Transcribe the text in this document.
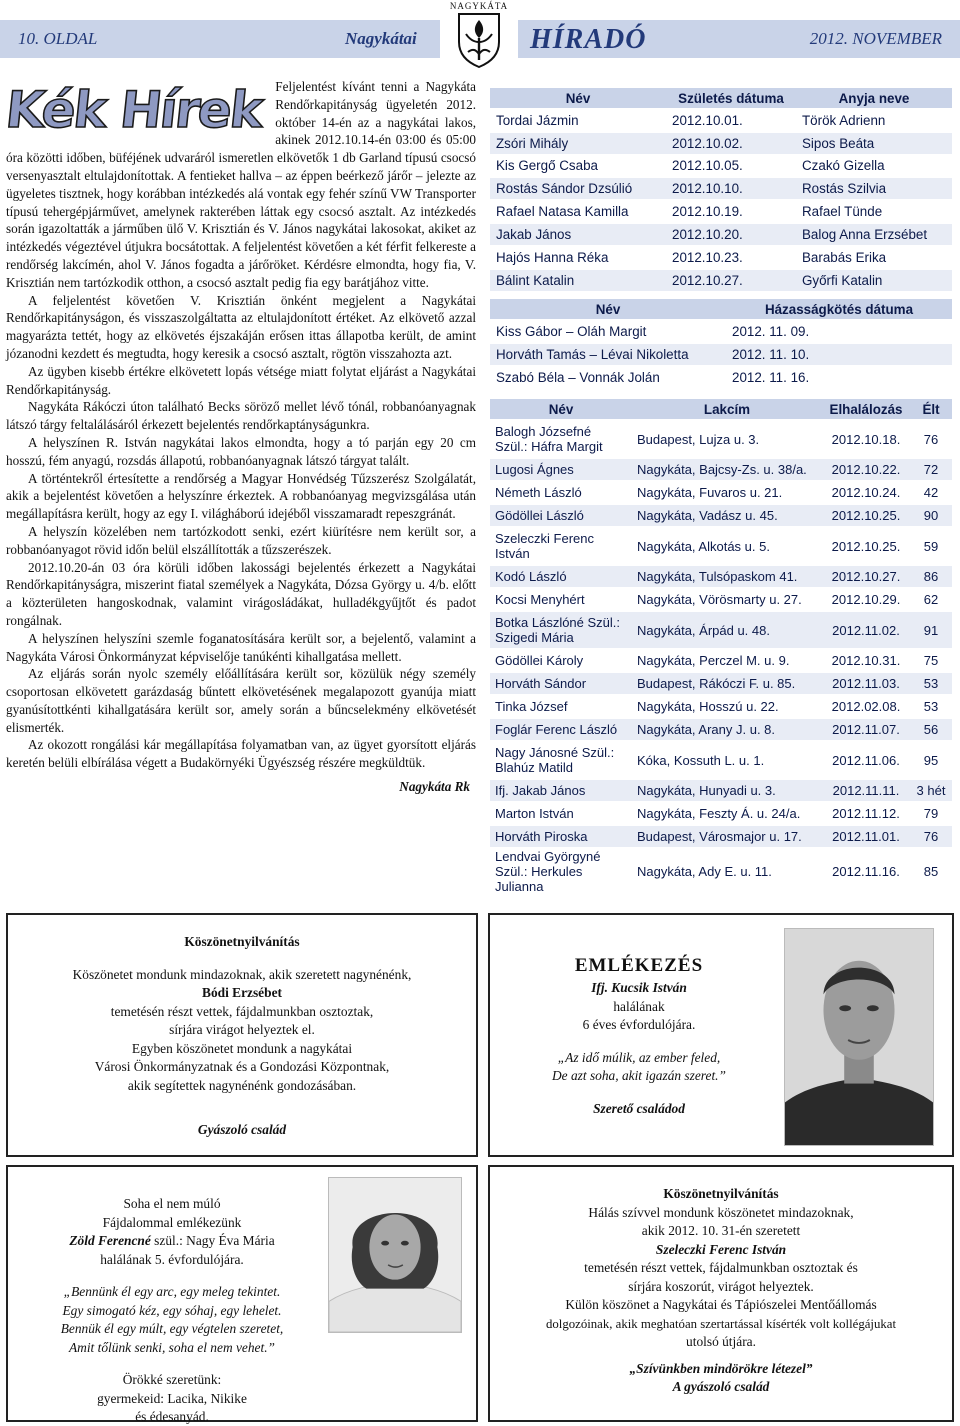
10. OLDAL	Nagykátai
NAGYKÁTA
HÍRADÓ	2012. NOVEMBER
Kék Hírek Feljelentést kívánt tenni a Nagykáta Rendőrkapitányság ügyeletén 2012. október 14-én az a nagykátai lakos, akinek 2012.10.14-én 03:00 és 05:00 óra közötti időben, büféjének udvaráról ismeretlen elkövetők 1 db Garland típusú csocsó versenyasztalt eltulajdonítottak. A fentieket hallva – az éppen beérkező járőr – jelezte az ügyeletes tisztnek, hogy korábban intézkedés alá vontak egy fehér színű VW Transporter típusú tehergépjárművet, amelynek rakterében láttak egy csocsó asztalt. Az intézkedés során igazoltatták a járműben ülő V. Krisztián és V. János nagykátai lakosokat, akiket az intézkedés végeztével útjukra bocsátottak. A feljelentést követően a két férfit felkereste a rendőrség lakcímén, ahol V. János fogadta a járőröket. Kérdésre elmondta, hogy fia, V. Krisztián nem tartózkodik otthon, a csocsó asztalt pedig fia egy barátjához vitte.

A feljelentést követően V. Krisztián önként megjelent a Nagykátai Rendőrkapitányságon, és visszaszolgáltatta az eltulajdonított értéket. Az elkövető azzal magyarázta tettét, hogy az elkövetés éjszakáján erősen ittas állapotba került, de amint józanodni kezdett és megtudta, hogy keresik a csocsó asztalt, rögtön visszahozta azt.

Az ügyben kisebb értékre elkövetett lopás vétsége miatt folytat eljárást a Nagykátai Rendőrkapitányság.

Nagykáta Rákóczi úton található Becks söröző mellet lévő tónál, robbanóanyagnak látszó tárgy feltalálásáról érkezett bejelentés rendőrkaptányságunkra.

A helyszínen R. István nagykátai lakos elmondta, hogy a tó parján egy 20 cm hosszú, fém anyagú, rozsdás állapotú, robbanóanyagnak látszó tárgyat talált.

A történtekről értesítette a rendőrség a Magyar Honvédség Tűzszerész Szolgálatát, akik a bejelentést követően a helyszínre érkeztek. A robbanóanyag megvizsgálása után megállapításra került, hogy az egy I. világháború idejéből visszamaradt repeszgránát.

A helyszín közelében nem tartózkodott senki, ezért kiürítésre nem került sor, a robbanóanyagot rövid időn belül elszállították a tűzszerészek.

2012.10.20-án 03 óra körüli időben lakossági bejelentés érkezett a Nagykátai Rendőrkapitányságra, miszerint fiatal személyek a Nagykáta, Dózsa György u. 4/b. előtt a közterületen hangoskodnak, valamint virágosládákat, hulladékgyűjtőt és padot rongálnak.

A helyszínen helyszíni szemle foganatosítására került sor, a bejelentő, valamint a Nagykáta Városi Önkormányzat képviselője tanúkénti kihallgatása mellett.

Az eljárás során nyolc személy előállítására került sor, közülük négy személy csoportosan elkövetett garázdaság bűntett elkövetésének megalapozott gyanúja miatt gyanúsítottkénti kihallgatására került sor, amely során a bűncselekmény elkövetését elismerték.

Az okozott rongálási kár megállapítása folyamatban van, az ügyet gyorsított eljárás keretén belüli elbírálása végett a Budakörnyéki Ügyészség részére megküldtük.

Nagykáta Rk
Név	Születés dátuma	Anyja neve
Tordai Jázmin	2012.10.01.	Török Adrienn
Zsóri Mihály	2012.10.02.	Sipos Beáta
Kis Gergő Csaba	2012.10.05.	Czakó Gizella
Rostás Sándor Dzsúlió	2012.10.10.	Rostás Szilvia
Rafael Natasa Kamilla	2012.10.19.	Rafael Tünde
Jakab János	2012.10.20.	Balog Anna Erzsébet
Hajós Hanna Réka	2012.10.23.	Barabás Erika
Bálint Katalin	2012.10.27.	Győrfi Katalin
Név	Házasságkötés dátuma
Kiss Gábor – Oláh Margit	2012. 11. 09.
Horváth Tamás – Lévai Nikoletta	2012. 11. 10.
Szabó Béla – Vonnák Jolán	2012. 11. 16.
Név	Lakcím	Elhalálozás	Élt
Balogh Józsefné Szül.: Háfra Margit	Budapest, Lujza u. 3.	2012.10.18.	76
Lugosi Ágnes	Nagykáta, Bajcsy-Zs. u. 38/a.	2012.10.22.	72
Németh László	Nagykáta, Fuvaros u. 21.	2012.10.24.	42
Gödöllei László	Nagykáta, Vadász u. 45.	2012.10.25.	90
Szeleczki Ferenc István	Nagykáta, Alkotás u. 5.	2012.10.25.	59
Kodó László	Nagykáta, Tulsópaskom 41.	2012.10.27.	86
Kocsi Menyhért	Nagykáta, Vörösmarty u. 27.	2012.10.29.	62
Botka Lászlóné Szül.: Szigedi Mária	Nagykáta, Árpád u. 48.	2012.11.02.	91
Gödöllei Károly	Nagykáta, Perczel M. u. 9.	2012.10.31.	75
Horváth Sándor	Budapest, Rákóczi F. u. 85.	2012.11.03.	53
Tinka József	Nagykáta, Hosszú u. 22.	2012.02.08.	53
Foglár Ferenc László	Nagykáta, Arany J. u. 8.	2012.11.07.	56
Nagy Jánosné Szül.: Blahúz Matild	Kóka, Kossuth L. u. 1.	2012.11.06.	95
Ifj. Jakab János	Nagykáta, Hunyadi u. 3.	2012.11.11.	3 hét
Marton István	Nagykáta, Feszty Á. u. 24/a.	2012.11.12.	79
Horváth Piroska	Budapest, Városmajor u. 17.	2012.11.01.	76
Lendvai Györgyné Szül.: Herkules Julianna	Nagykáta, Ady E. u. 11.	2012.11.16.	85
Köszönetnyilvánítás
Köszönetet mondunk mindazoknak, akik szeretett nagynénénk,
Bódi Erzsébet
temetésén részt vettek, fájdalmunkban osztoztak,
sírjára virágot helyeztek el.
Egyben köszönetet mondunk a nagykátai
Városi Önkormányzatnak és a Gondozási Központnak,
akik segítettek nagynénénk gondozásában.
Gyászoló család
EMLÉKEZÉS
Ifj. Kucsik István
halálának
6 éves évfordulójára.
„Az idő múlik, az ember feled,
De azt soha, akit igazán szeret.”
Szerető családod
Soha el nem múló
Fájdalommal emlékezünk
Zöld Ferencné szül.: Nagy Éva Mária
halálának 5. évfordulójára.
„Bennünk él egy arc, egy meleg tekintet.
Egy simogató kéz, egy sóhaj, egy lehelet.
Bennük él egy múlt, egy végtelen szeretet,
Amit tőlünk senki, soha el nem vehet.”
Örökké szeretünk:
gyermekeid: Lacika, Nikike
és édesanyád.
Köszönetnyilvánítás
Hálás szívvel mondunk köszönetet mindazoknak,
akik 2012. 10. 31-én szeretett
Szeleczki Ferenc István
temetésén részt vettek, fájdalmunkban osztoztak és
sírjára koszorút, virágot helyeztek.
Külön köszönet a Nagykátai és Tápiószelei Mentőállomás
dolgozóinak, akik meghatóan szertartással kísérték volt kollégájukat
utolsó útjára.
„Szívünkben mindörökre létezel”
A gyászoló család
